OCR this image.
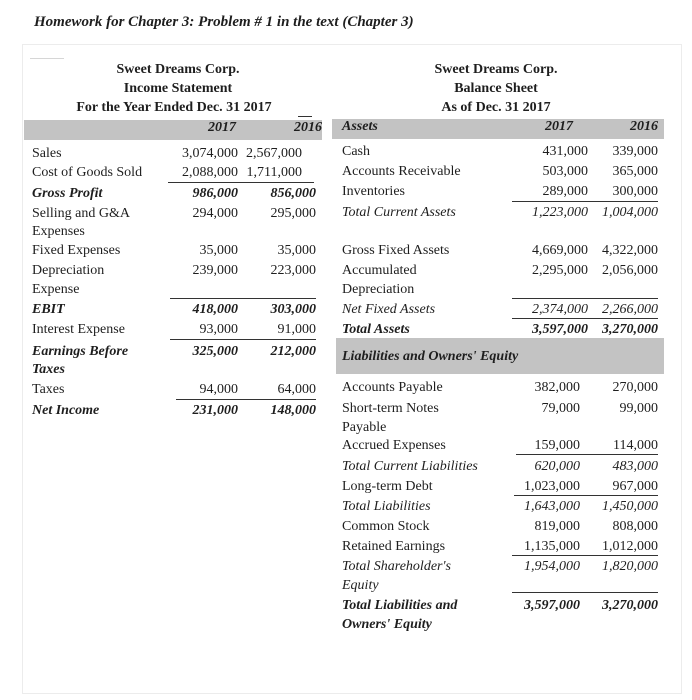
Homework for Chapter 3: Problem # 1 in the text (Chapter 3)
Sweet Dreams Corp.
Income Statement
For the Year Ended Dec. 31 2017
2017	2016
Sales	3,074,000 2,567,000
Cost of Goods Sold	2,088,000 1,711,000
Gross Profit	986,000	856,000
Selling and G&A
Expenses
294,000	295,000
Fixed Expenses	35,000	35,000
Depreciation
Expense
239,000	223,000
EBIT	418,000	303,000
Interest Expense	93,000	91,000
Earnings Before
Taxes
325,000	212,000
Taxes	94,000	64,000
Net Income	231,000	148,000
Sweet Dreams Corp.
Balance Sheet
As of Dec. 31 2017
Assets	2017	2016
Cash	431,000	339,000
Accounts Receivable	503,000	365,000
Inventories	289,000	300,000
Total Current Assets	1,223,000	1,004,000
Gross Fixed Assets	4,669,000	4,322,000
Accumulated
Depreciation
2,295,000	2,056,000
Net Fixed Assets	2,374,000	2,266,000
Total Assets	3,597,000	3,270,000
Liabilities and Owners' Equity
Accounts Payable	382,000	270,000
Short-term Notes
Payable
79,000	99,000
Accrued Expenses	159,000	114,000
Total Current Liabilities	620,000	483,000
Long-term Debt	1,023,000	967,000
Total Liabilities	1,643,000	1,450,000
Common Stock	819,000	808,000
Retained Earnings	1,135,000	1,012,000
Total Shareholder's
Equity
1,954,000	1,820,000
Total Liabilities and
Owners' Equity
3,597,000	3,270,000
